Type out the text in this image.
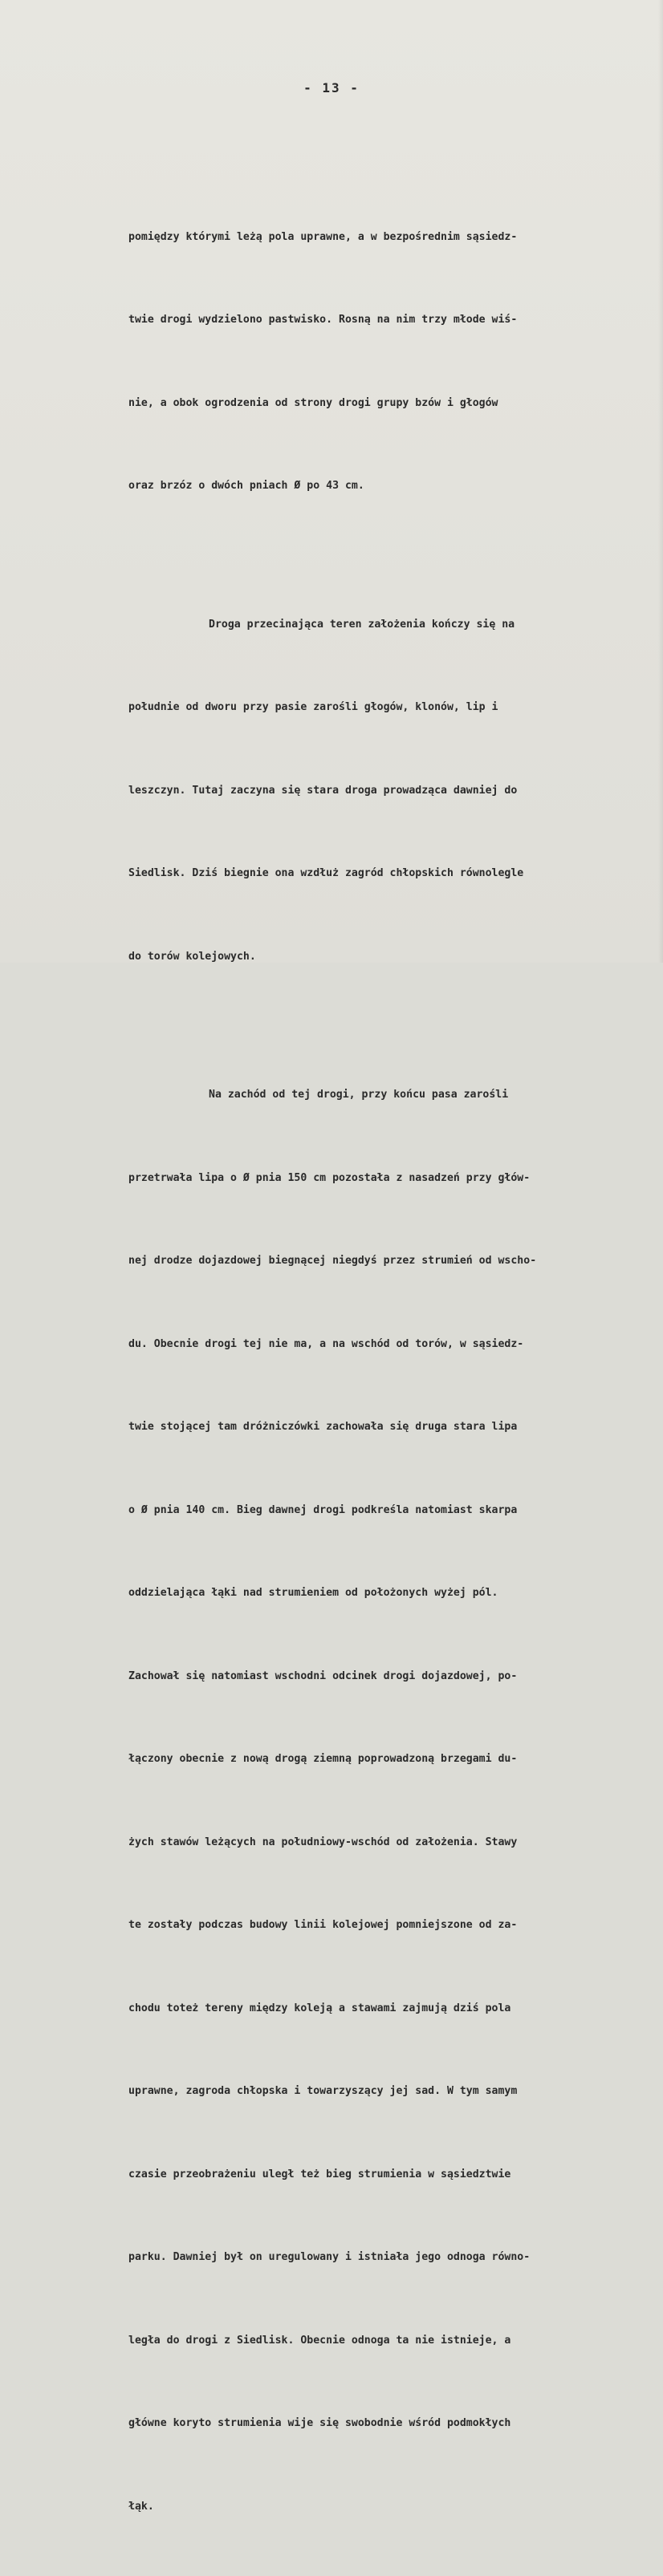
- 13 -

pomiędzy którymi leżą pola uprawne, a w bezpośrednim sąsiedz-

twie drogi wydzielono pastwisko. Rosną na nim trzy młode wiś-

nie, a obok ogrodzenia od strony drogi grupy bzów i głogów

oraz brzóz o dwóch pniach Ø po 43 cm.

Droga przecinająca teren założenia kończy się na

południe od dworu przy pasie zarośli głogów, klonów, lip i

leszczyn. Tutaj zaczyna się stara droga prowadząca dawniej do

Siedlisk. Dziś biegnie ona wzdłuż zagród chłopskich równolegle

do torów kolejowych.

Na zachód od tej drogi, przy końcu pasa zarośli

przetrwała lipa o Ø pnia 150 cm pozostała z nasadzeń przy głów-

nej drodze dojazdowej biegnącej niegdyś przez strumień od wscho-

du. Obecnie drogi tej nie ma, a na wschód od torów, w sąsiedz-

twie stojącej tam dróżniczówki zachowała się druga stara lipa

o Ø pnia 140 cm. Bieg dawnej drogi podkreśla natomiast skarpa

oddzielająca łąki nad strumieniem od położonych wyżej pól.

Zachował się natomiast wschodni odcinek drogi dojazdowej, po-

łączony obecnie z nową drogą ziemną poprowadzoną brzegami du-

żych stawów leżących na południowy-wschód od założenia. Stawy

te zostały podczas budowy linii kolejowej pomniejszone od za-

chodu toteż tereny między koleją a stawami zajmują dziś pola

uprawne, zagroda chłopska i towarzyszący jej sad. W tym samym

czasie przeobrażeniu uległ też bieg strumienia w sąsiedztwie

parku. Dawniej był on uregulowany i istniała jego odnoga równo-

legła do drogi z Siedlisk. Obecnie odnoga ta nie istnieje, a

główne koryto strumienia wije się swobodnie wśród podmokłych

łąk.
